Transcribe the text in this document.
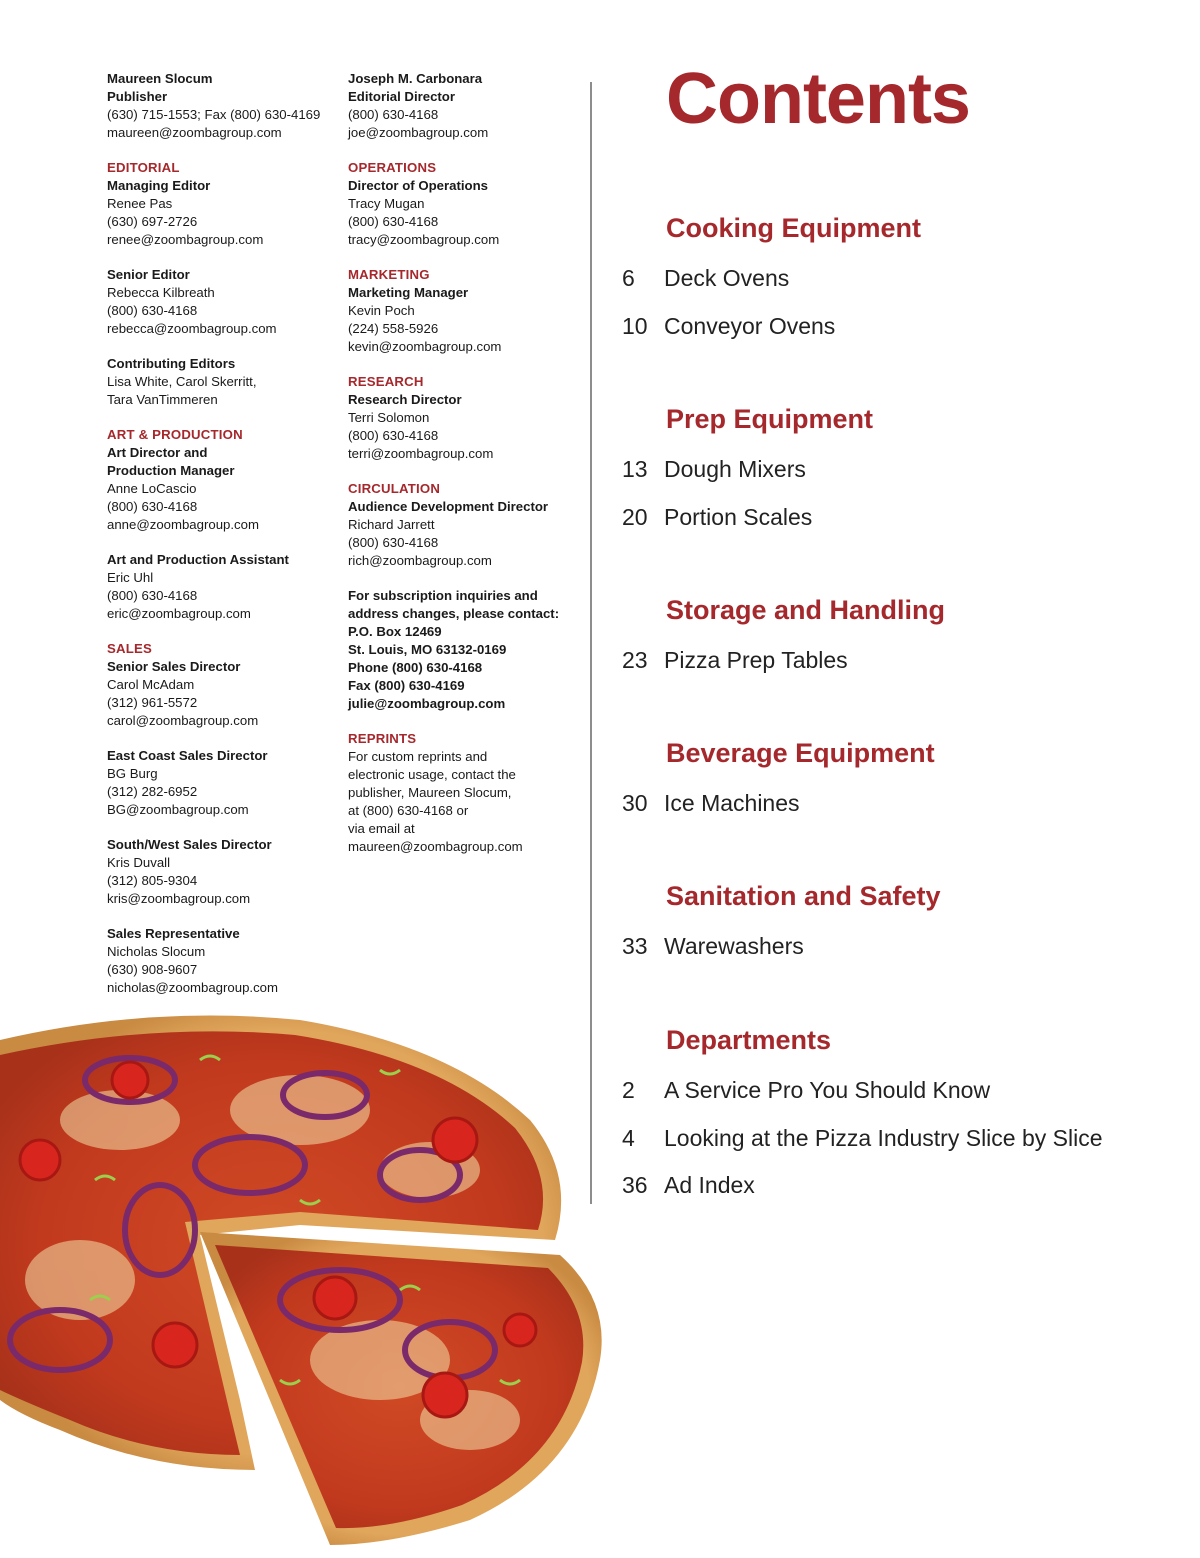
Maureen Slocum
Publisher
(630) 715-1553; Fax (800) 630-4169
maureen@zoombagroup.com
EDITORIAL
Managing Editor
Renee Pas
(630) 697-2726
renee@zoombagroup.com
Senior Editor
Rebecca Kilbreath
(800) 630-4168
rebecca@zoombagroup.com
Contributing Editors
Lisa White, Carol Skerritt,
Tara VanTimmeren
ART & PRODUCTION
Art Director and
Production Manager
Anne LoCascio
(800) 630-4168
anne@zoombagroup.com
Art and Production Assistant
Eric Uhl
(800) 630-4168
eric@zoombagroup.com
SALES
Senior Sales Director
Carol McAdam
(312) 961-5572
carol@zoombagroup.com
East Coast Sales Director
BG Burg
(312) 282-6952
BG@zoombagroup.com
South/West Sales Director
Kris Duvall
(312) 805-9304
kris@zoombagroup.com
Sales Representative
Nicholas Slocum
(630) 908-9607
nicholas@zoombagroup.com
Joseph M. Carbonara
Editorial Director
(800) 630-4168
joe@zoombagroup.com
OPERATIONS
Director of Operations
Tracy Mugan
(800) 630-4168
tracy@zoombagroup.com
MARKETING
Marketing Manager
Kevin Poch
(224) 558-5926
kevin@zoombagroup.com
RESEARCH
Research Director
Terri Solomon
(800) 630-4168
terri@zoombagroup.com
CIRCULATION
Audience Development Director
Richard Jarrett
(800) 630-4168
rich@zoombagroup.com
For subscription inquiries and
address changes, please contact:
P.O. Box 12469
St. Louis, MO 63132-0169
Phone (800) 630-4168
Fax (800) 630-4169
julie@zoombagroup.com
REPRINTS
For custom reprints and
electronic usage, contact the
publisher, Maureen Slocum,
at (800) 630-4168 or
via email at
maureen@zoombagroup.com
Contents
Cooking Equipment
6 Deck Ovens
10 Conveyor Ovens
Prep Equipment
13 Dough Mixers
20 Portion Scales
Storage and Handling
23 Pizza Prep Tables
Beverage Equipment
30 Ice Machines
Sanitation and Safety
33 Warewashers
Departments
2 A Service Pro You Should Know
4 Looking at the Pizza Industry Slice by Slice
36 Ad Index
